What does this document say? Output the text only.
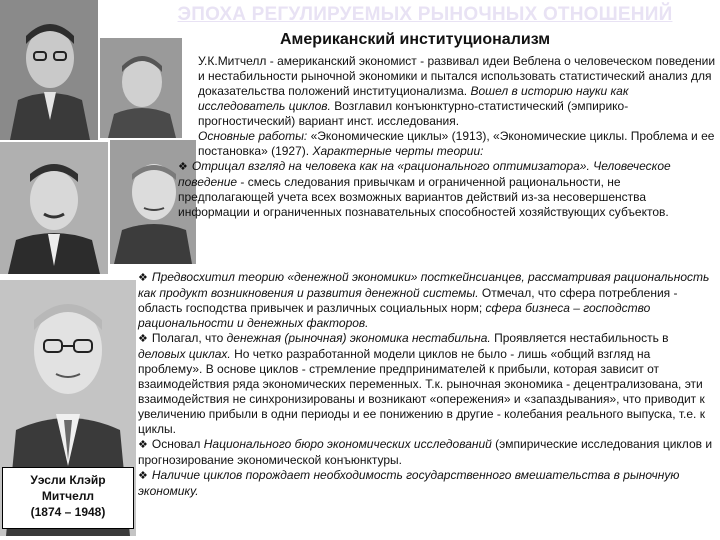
ЭПОХА РЕГУЛИРУЕМЫХ РЫНОЧНЫХ ОТНОШЕНИЙ
Американский институционализм
Уэсли Клэйр
Митчелл
(1874 – 1948)

У.К.Митчелл - американский экономист - развивал идеи Веблена о человеческом поведении и нестабильности рыночной экономики и пытался использовать статистический анализ для доказательства положений институционализма. Вошел в историю науки как исследователь циклов. Возглавил конъюнктурно-статистический (эмпирико-прогностический) вариант инст. исследования.

Основные работы: «Экономические циклы» (1913), «Экономические циклы. Проблема и ее постановка» (1927). Характерные черты теории:

❖ Отрицал взгляд на человека как на «рационального оптимизатора». Человеческое поведение - смесь следования привычкам и ограниченной рациональности, не предполагающей учета всех возможных вариантов действий из-за несовершенства информации и ограниченных познавательных способностей хозяйствующих субъектов.

❖ Предвосхитил теорию «денежной экономики» посткейнсианцев, рассматривая рациональность как продукт возникновения и развития денежной системы. Отмечал, что сфера потребления - область господства привычек и различных социальных норм; сфера бизнеса – господство рациональности и денежных факторов.

❖ Полагал, что денежная (рыночная) экономика нестабильна. Проявляется нестабильность в деловых циклах. Но четко разработанной модели циклов не было - лишь «общий взгляд на проблему». В основе циклов - стремление предпринимателей к прибыли, которая зависит от взаимодействия ряда экономических переменных. Т.к. рыночная экономика - децентрализована, эти взаимодействия не синхронизированы и возникают «опережения» и «запаздывания», что приводит к увеличению прибыли в одни периоды и ее понижению в другие - колебания реального выпуска, т.е. к циклы.

❖ Основал Национального бюро экономических исследований (эмпирические исследования циклов и прогнозирование экономической конъюнктуры.

❖ Наличие циклов порождает необходимость государственного вмешательства в рыночную экономику.
